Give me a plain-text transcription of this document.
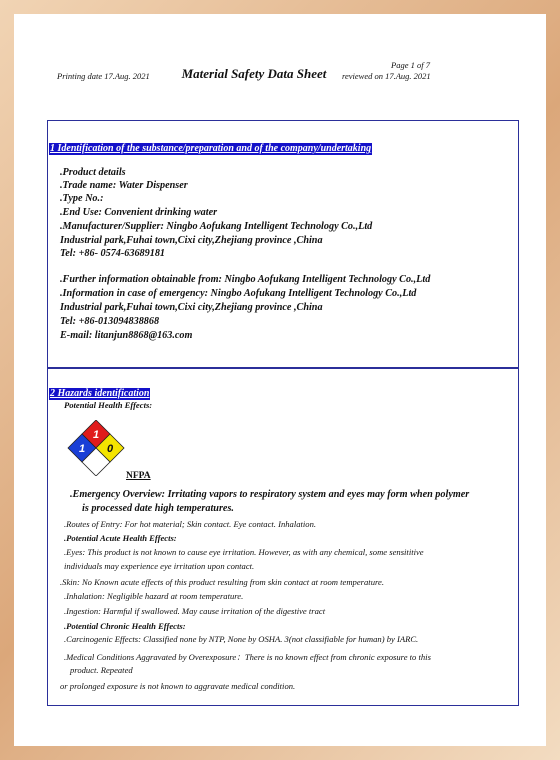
Page 1 of 7
Printing date 17.Aug. 2021	reviewed on 17.Aug. 2021
Material Safety Data Sheet
1 Identification of the substance/preparation and of the company/undertaking
.Product details
.Trade name: Water Dispenser
.Type No.:
.End Use: Convenient drinking water
.Manufacturer/Supplier: Ningbo Aofukang Intelligent Technology Co.,Ltd
Industrial park,Fuhai town,Cixi city,Zhejiang province ,China
Tel: +86- 0574-63689181
.Further information obtainable from: Ningbo Aofukang Intelligent Technology Co.,Ltd
.Information in case of emergency: Ningbo Aofukang Intelligent Technology Co.,Ltd
Industrial park,Fuhai town,Cixi city,Zhejiang province ,China
Tel: +86-013094838868
E-mail: litanjun8868@163.com
2 Hazards identification
Potential Health Effects:
1
1 0
NFPA
.Emergency Overview: Irritating vapors to respiratory system and eyes may form when polymer
is processed date high temperatures.
.Routes of Entry: For hot material; Skin contact. Eye contact. Inhalation.
.Potential Acute Health Effects:
.Eyes: This product is not known to cause eye irritation. However, as with any chemical, some sensititive
individuals may experience eye irritation upon contact.
.Skin: No Known acute effects of this product resulting from skin contact at room temperature.
.Inhalation: Negligible hazard at room temperature.
.Ingestion: Harmful if swallowed. May cause irritation of the digestive tract
.Potential Chronic Health Effects:
.Carcinogenic Effects: Classified none by NTP, None by OSHA. 3(not classifiable for human) by IARC.
.Medical Conditions Aggravated by Overexposure：There is no known effect from chronic exposure to this
product. Repeated
or prolonged exposure is not known to aggravate medical condition.
